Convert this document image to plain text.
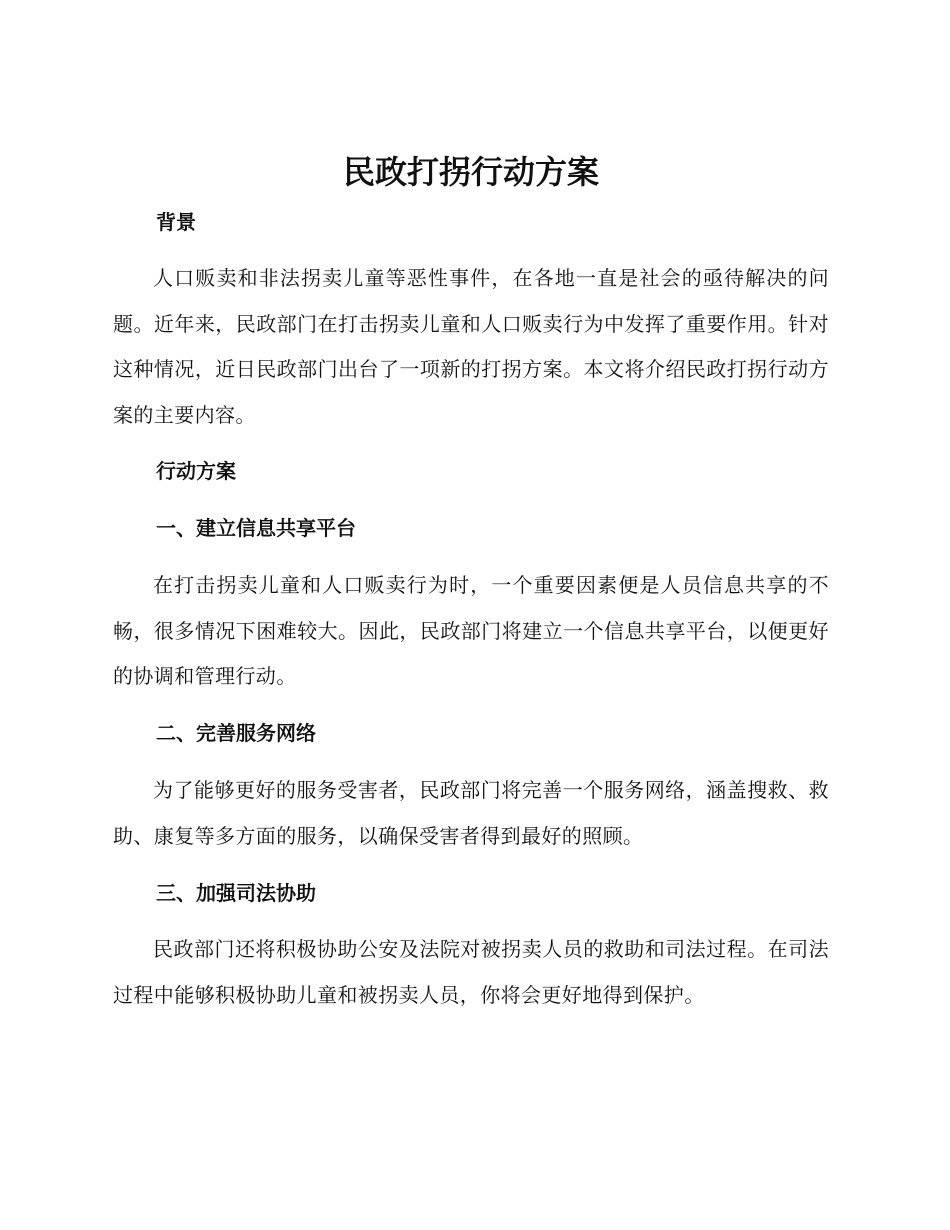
民政打拐行动方案
背景

人口贩卖和非法拐卖儿童等恶性事件，在各地一直是社会的亟待解决的问题。近年来，民政部门在打击拐卖儿童和人口贩卖行为中发挥了重要作用。针对这种情况，近日民政部门出台了一项新的打拐方案。本文将介绍民政打拐行动方案的主要内容。

行动方案
一、建立信息共享平台

在打击拐卖儿童和人口贩卖行为时，一个重要因素便是人员信息共享的不畅，很多情况下困难较大。因此，民政部门将建立一个信息共享平台，以便更好的协调和管理行动。

二、完善服务网络

为了能够更好的服务受害者，民政部门将完善一个服务网络，涵盖搜救、救助、康复等多方面的服务，以确保受害者得到最好的照顾。

三、加强司法协助

民政部门还将积极协助公安及法院对被拐卖人员的救助和司法过程。在司法过程中能够积极协助儿童和被拐卖人员，你将会更好地得到保护。
